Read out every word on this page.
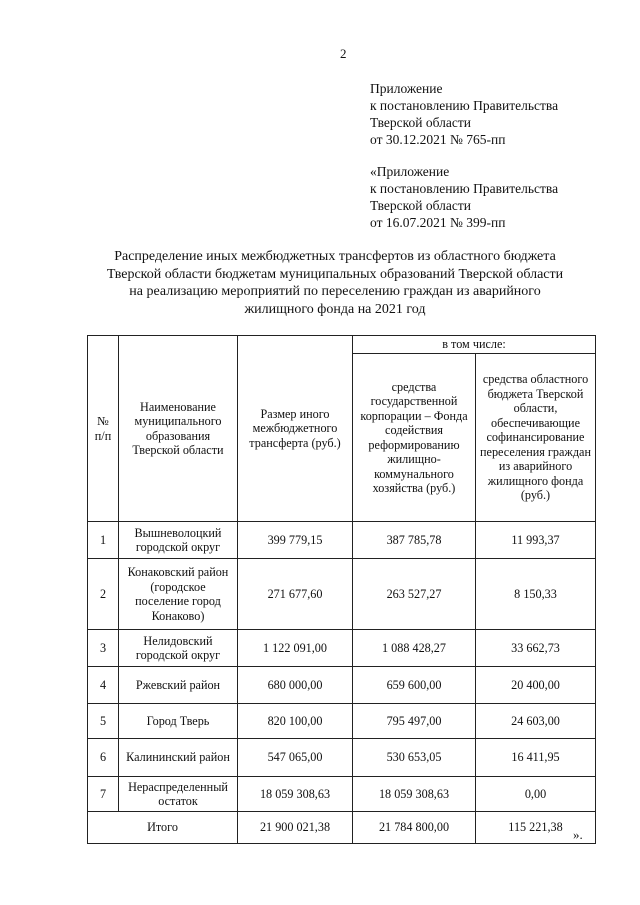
2
Приложение
к постановлению Правительства
Тверской области
от 30.12.2021 № 765-пп
«Приложение
к постановлению Правительства
Тверской области
от 16.07.2021 № 399-пп
Распределение иных межбюджетных трансфертов из областного бюджета
Тверской области бюджетам муниципальных образований Тверской области
на реализацию мероприятий по переселению граждан из аварийного
жилищного фонда на 2021 год
№ п/п	Наименование муниципального образования Тверской области	Размер иного межбюджетного трансферта (руб.)	в том числе:	
			средства государственной корпорации – Фонда содействия реформированию жилищно-коммунального хозяйства (руб.)	средства областного бюджета Тверской области, обеспечивающие софинансирование переселения граждан из аварийного жилищного фонда (руб.)
1	Вышневолоцкий городской округ	399 779,15	387 785,78	11 993,37
2	Конаковский район (городское поселение город Конаково)	271 677,60	263 527,27	8 150,33
3	Нелидовский городской округ	1 122 091,00	1 088 428,27	33 662,73
4	Ржевский район	680 000,00	659 600,00	20 400,00
5	Город Тверь	820 100,00	795 497,00	24 603,00
6	Калининский район	547 065,00	530 653,05	16 411,95
7	Нераспределенный остаток	18 059 308,63	18 059 308,63	0,00
Итого		21 900 021,38	21 784 800,00	115 221,38 ».
